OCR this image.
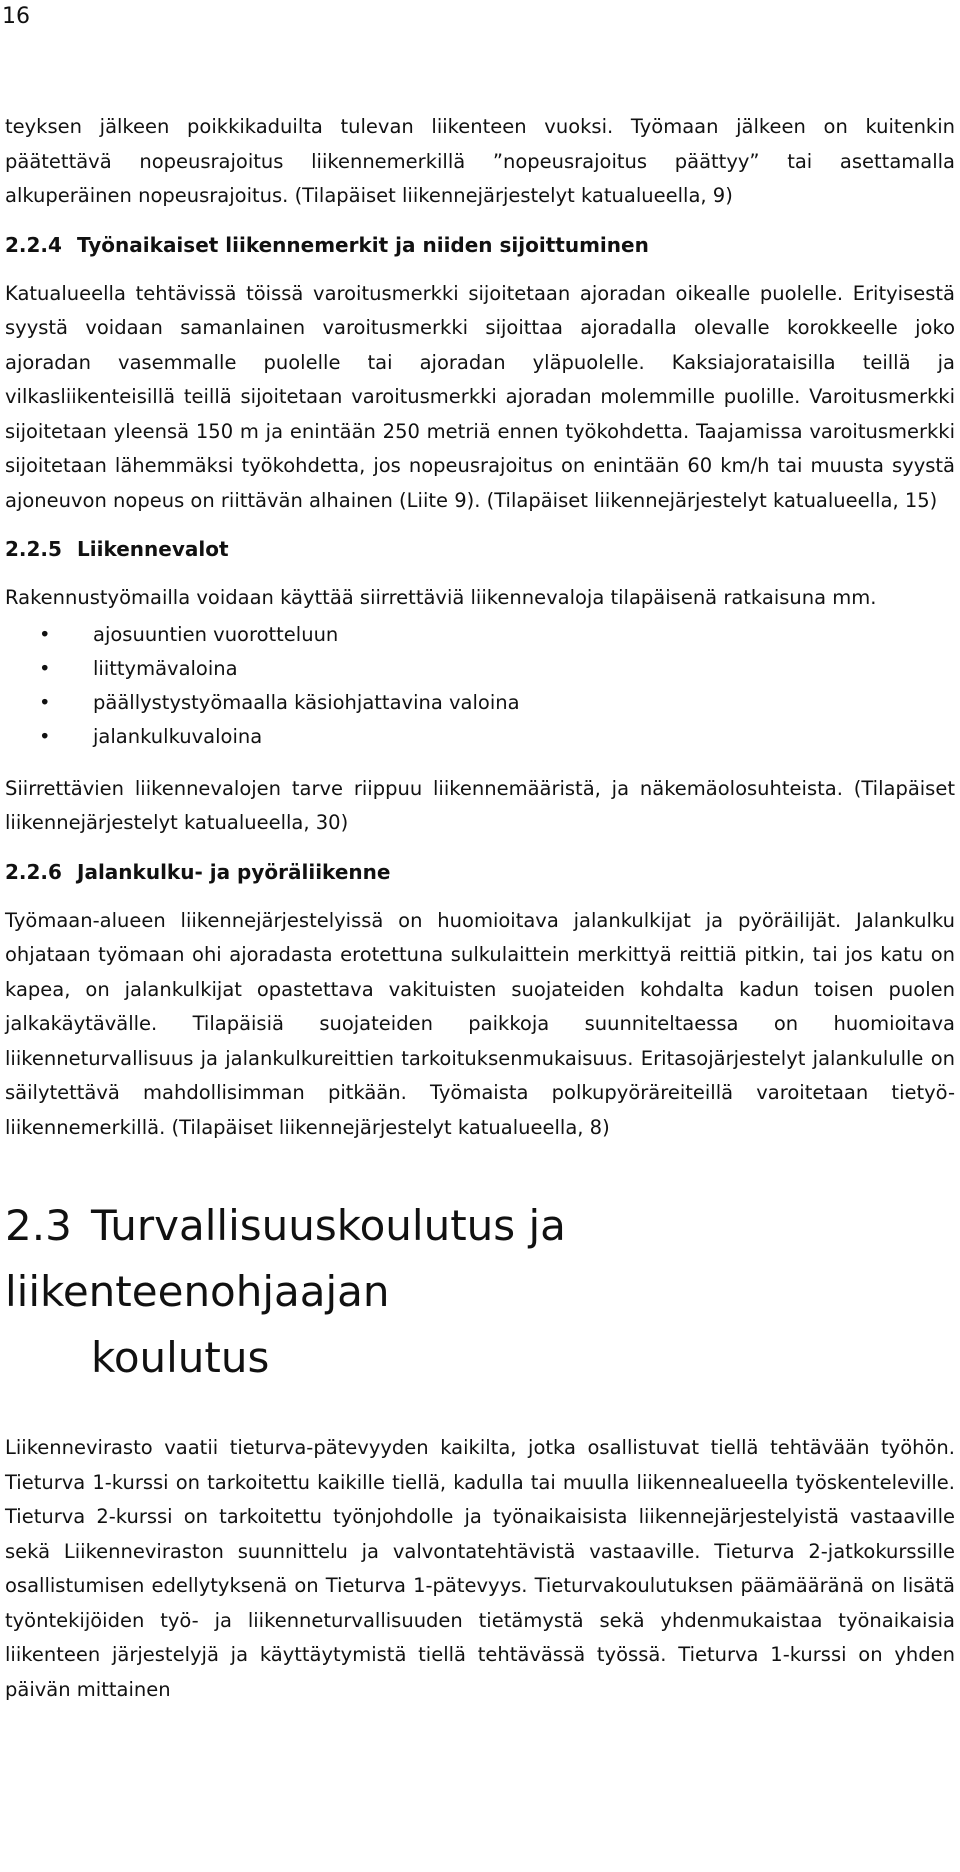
16

teyksen jälkeen poikkikaduilta tulevan liikenteen vuoksi. Työmaan jälkeen on kuitenkin päätettävä nopeusrajoitus liikennemerkillä ”nopeusrajoitus päättyy” tai asettamalla alkuperäinen nopeusrajoitus. (Tilapäiset liikennejärjestelyt katualueella, 9)

2.2.4 Työnaikaiset liikennemerkit ja niiden sijoittuminen

Katualueella tehtävissä töissä varoitusmerkki sijoitetaan ajoradan oikealle puolelle. Erityisestä syystä voidaan samanlainen varoitusmerkki sijoittaa ajoradalla olevalle korokkeelle joko ajoradan vasemmalle puolelle tai ajoradan yläpuolelle. Kaksiajorataisilla teillä ja vilkasliikenteisillä teillä sijoitetaan varoitusmerkki ajoradan molemmille puolille. Varoitusmerkki sijoitetaan yleensä 150 m ja enintään 250 metriä ennen työkohdetta. Taajamissa varoitusmerkki sijoitetaan lähemmäksi työkohdetta, jos nopeusrajoitus on enintään 60 km/h tai muusta syystä ajoneuvon nopeus on riittävän alhainen (Liite 9). (Tilapäiset liikennejärjestelyt katualueella, 15)

2.2.5 Liikennevalot

Rakennustyömailla voidaan käyttää siirrettäviä liikennevaloja tilapäisenä ratkaisuna mm.

• ajosuuntien vuorotteluun
• liittymävaloina
• päällystystyömaalla käsiohjattavina valoina
• jalankulkuvaloina

Siirrettävien liikennevalojen tarve riippuu liikennemääristä, ja näkemäolosuhteista. (Tilapäiset liikennejärjestelyt katualueella, 30)

2.2.6 Jalankulku- ja pyöräliikenne

Työmaan-alueen liikennejärjestelyissä on huomioitava jalankulkijat ja pyöräilijät. Jalankulku ohjataan työmaan ohi ajoradasta erotettuna sulkulaittein merkittyä reittiä pitkin, tai jos katu on kapea, on jalankulkijat opastettava vakituisten suojateiden kohdalta kadun toisen puolen jalkakäytävälle. Tilapäisiä suojateiden paikkoja suunniteltaessa on huomioitava liikenneturvallisuus ja jalankulkureittien tarkoituksenmukaisuus. Eritasojärjestelyt jalankululle on säilytettävä mahdollisimman pitkään. Työmaista polkupyöräreiteillä varoitetaan tietyö-liikennemerkillä. (Tilapäiset liikennejärjestelyt katualueella, 8)

2.3 Turvallisuuskoulutus ja liikenteenohjaajan
koulutus

Liikennevirasto vaatii tieturva-pätevyyden kaikilta, jotka osallistuvat tiellä tehtävään työhön. Tieturva 1-kurssi on tarkoitettu kaikille tiellä, kadulla tai muulla liikennealueella työskenteleville. Tieturva 2-kurssi on tarkoitettu työnjohdolle ja työnaikaisista liikennejärjestelyistä vastaaville sekä Liikenneviraston suunnittelu ja valvontatehtävistä vastaaville. Tieturva 2-jatkokurssille osallistumisen edellytyksenä on Tieturva 1-pätevyys. Tieturvakoulutuksen päämääränä on lisätä työntekijöiden työ- ja liikenneturvallisuuden tietämystä sekä yhdenmukaistaa työnaikaisia liikenteen järjestelyjä ja käyttäytymistä tiellä tehtävässä työssä. Tieturva 1-kurssi on yhden päivän mittainen
